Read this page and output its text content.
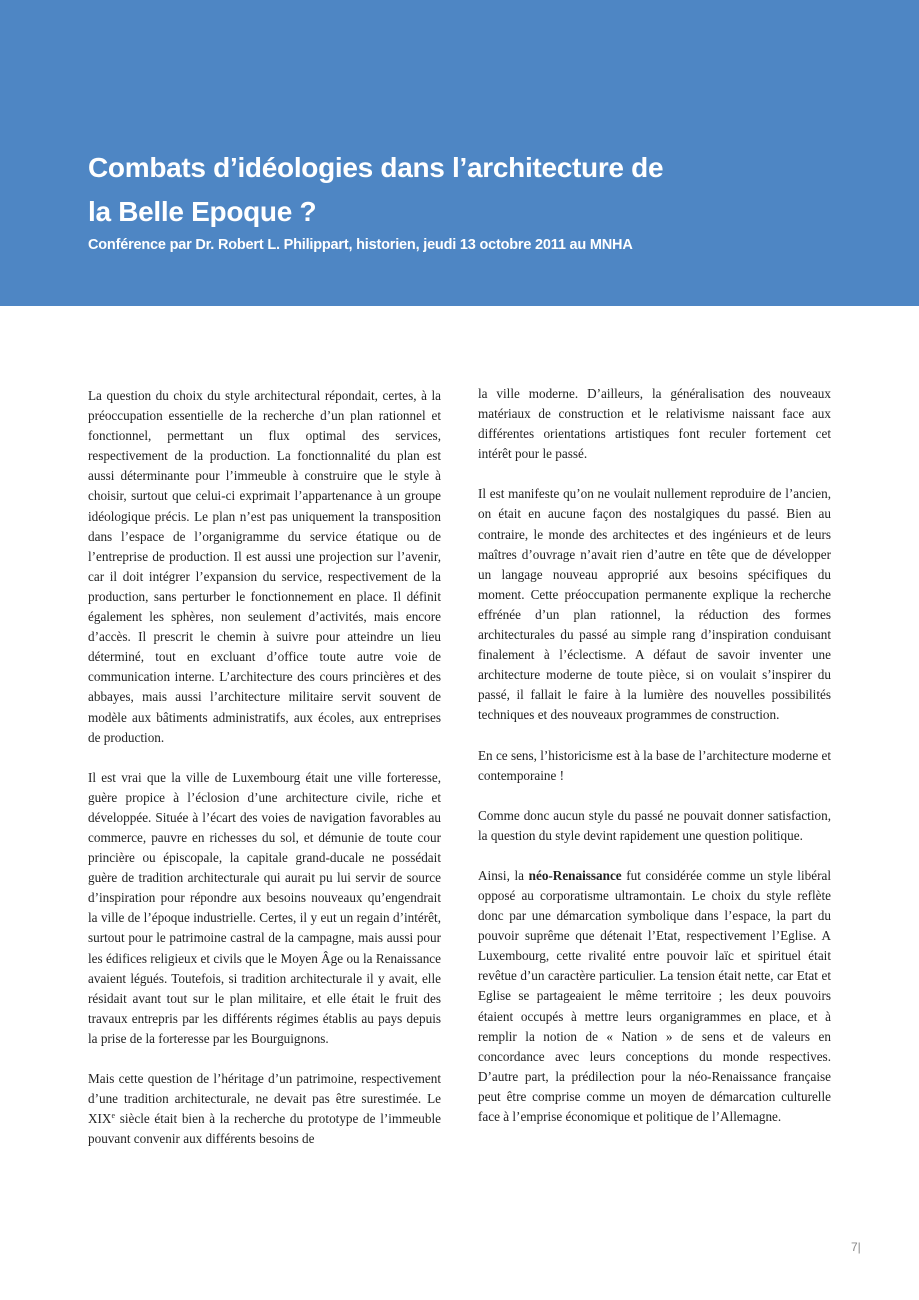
Combats d’idéologies dans l’architecture de
la Belle Epoque ?

Conférence par Dr. Robert L. Philippart, historien, jeudi 13 octobre 2011 au MNHA

La question du choix du style architectural répondait, certes, à la préoccupation essentielle de la recherche d’un plan rationnel et fonctionnel, permettant un flux optimal des services, respectivement de la production. La fonctionnalité du plan est aussi déterminante pour l’immeuble à construire que le style à choisir, surtout que celui-ci exprimait l’appartenance à un groupe idéologique précis. Le plan n’est pas uniquement la transposition dans l’espace de l’organigramme du service étatique ou de l’entreprise de production. Il est aussi une projection sur l’avenir, car il doit intégrer l’expansion du service, respectivement de la production, sans perturber le fonctionnement en place. Il définit également les sphères, non seulement d’activités, mais encore d’accès. Il prescrit le chemin à suivre pour atteindre un lieu déterminé, tout en excluant d’office toute autre voie de communication interne. L’architecture des cours princières et des abbayes, mais aussi l’architecture militaire servit souvent de modèle aux bâtiments administratifs, aux écoles, aux entreprises de production.

Il est vrai que la ville de Luxembourg était une ville forteresse, guère propice à l’éclosion d’une architecture civile, riche et développée. Située à l’écart des voies de navigation favorables au commerce, pauvre en richesses du sol, et démunie de toute cour princière ou épiscopale, la capitale grand-ducale ne possédait guère de tradition architecturale qui aurait pu lui servir de source d’inspiration pour répondre aux besoins nouveaux qu’engendrait la ville de l’époque industrielle. Certes, il y eut un regain d’intérêt, surtout pour le patrimoine castral de la campagne, mais aussi pour les édifices religieux et civils que le Moyen Âge ou la Renaissance avaient légués. Toutefois, si tradition architecturale il y avait, elle résidait avant tout sur le plan militaire, et elle était le fruit des travaux entrepris par les différents régimes établis au pays depuis la prise de la forteresse par les Bourguignons.

Mais cette question de l’héritage d’un patrimoine, respectivement d’une tradition architecturale, ne devait pas être surestimée. Le XIXe siècle était bien à la recherche du prototype de l’immeuble pouvant convenir aux différents besoins de

la ville moderne. D’ailleurs, la généralisation des nouveaux matériaux de construction et le relativisme naissant face aux différentes orientations artistiques font reculer fortement cet intérêt pour le passé.

Il est manifeste qu’on ne voulait nullement reproduire de l’ancien, on était en aucune façon des nostalgiques du passé. Bien au contraire, le monde des architectes et des ingénieurs et de leurs maîtres d’ouvrage n’avait rien d’autre en tête que de développer un langage nouveau approprié aux besoins spécifiques du moment. Cette préoccupation permanente explique la recherche effrénée d’un plan rationnel, la réduction des formes architecturales du passé au simple rang d’inspiration conduisant finalement à l’éclectisme. A défaut de savoir inventer une architecture moderne de toute pièce, si on voulait s’inspirer du passé, il fallait le faire à la lumière des nouvelles possibilités techniques et des nouveaux programmes de construction.

En ce sens, l’historicisme est à la base de l’architecture moderne et contemporaine !

Comme donc aucun style du passé ne pouvait donner satisfaction, la question du style devint rapidement une question politique.

Ainsi, la néo-Renaissance fut considérée comme un style libéral opposé au corporatisme ultramontain. Le choix du style reflète donc par une démarcation symbolique dans l’espace, la part du pouvoir suprême que détenait l’Etat, respectivement l’Eglise. A Luxembourg, cette rivalité entre pouvoir laïc et spirituel était revêtue d’un caractère particulier. La tension était nette, car Etat et Eglise se partageaient le même territoire ; les deux pouvoirs étaient occupés à mettre leurs organigrammes en place, et à remplir la notion de « Nation » de sens et de valeurs en concordance avec leurs conceptions du monde respectives. D’autre part, la prédilection pour la néo-Renaissance française peut être comprise comme un moyen de démarcation culturelle face à l’emprise économique et politique de l’Allemagne.

7|
